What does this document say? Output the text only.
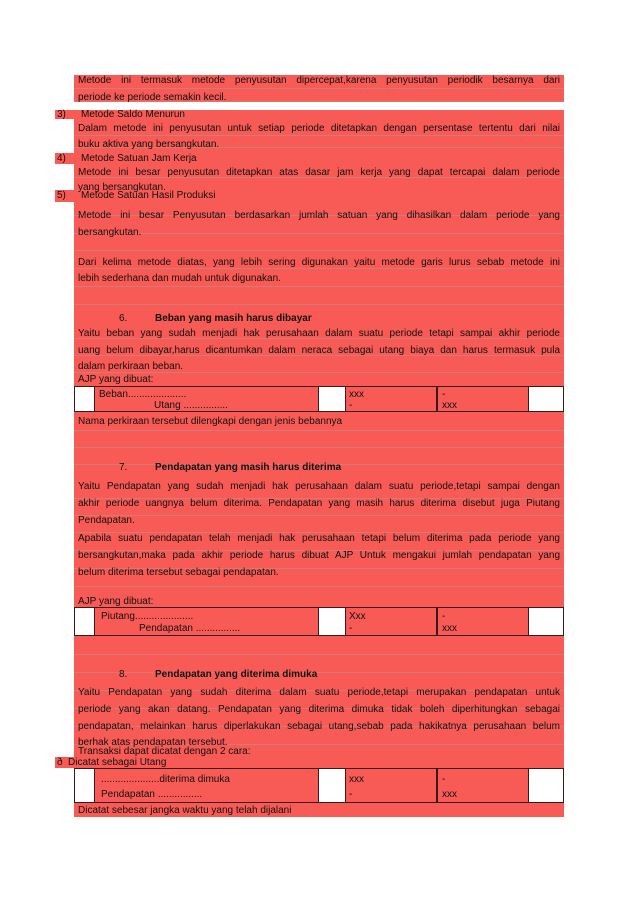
Metode ini termasuk metode penyusutan dipercepat,karena penyusutan periodik besarnya dari
periode ke periode semakin kecil.
3) Metode Saldo Menurun
Dalam metode ini penyusutan untuk setiap periode ditetapkan dengan persentase tertentu dari nilai
buku aktiva yang bersangkutan.
4) Metode Satuan Jam Kerja
Metode ini besar penyusutan ditetapkan atas dasar jam kerja yang dapat tercapai dalam periode
yang bersangkutan.
5) Metode Satuan Hasil Produksi
Metode ini besar Penyusutan berdasarkan jumlah satuan yang dihasilkan dalam periode yang
bersangkutan.
Dari kelima metode diatas, yang lebih sering digunakan yaitu metode garis lurus sebab metode ini
lebih sederhana dan mudah untuk digunakan.
6.	Beban yang masih harus dibayar
Yaitu beban yang sudah menjadi hak perusahaan dalam suatu periode tetapi sampai akhir periode
uang belum dibayar,harus dicantumkan dalam neraca sebagai utang biaya dan harus termasuk pula
dalam perkiraan beban.
AJP yang dibuat:
Beban.....................	xxx	-
Utang ................	-	xxx
Nama perkiraan tersebut dilengkapi dengan jenis bebannya
7.	Pendapatan yang masih harus diterima
Yaitu Pendapatan yang sudah menjadi hak perusahaan dalam suatu periode,tetapi sampai dengan
akhir periode uangnya belum diterima. Pendapatan yang masih harus diterima disebut juga Piutang
Pendapatan.
Apabila suatu pendapatan telah menjadi hak perusahaan tetapi belum diterima pada periode yang
bersangkutan,maka pada akhir periode harus dibuat AJP Untuk mengakui jumlah pendapatan yang
belum diterima tersebut sebagai pendapatan.
AJP yang dibuat:
Piutang.....................	Xxx	-
Pendapatan ................	-	xxx
8.	Pendapatan yang diterima dimuka
Yaitu Pendapatan yang sudah diterima dalam suatu periode,tetapi merupakan pendapatan untuk
periode yang akan datang. Pendapatan yang diterima dimuka tidak boleh diperhitungkan sebagai
pendapatan, melainkan harus diperlakukan sebagai utang,sebab pada hakikatnya perusahaan belum
berhak atas pendapatan tersebut.
Transaksi dapat dicatat dengan 2 cara:
ð Dicatat sebagai Utang
.....................diterima dimuka	xxx	-
Pendapatan ................	-	xxx
Dicatat sebesar jangka waktu yang telah dijalani
